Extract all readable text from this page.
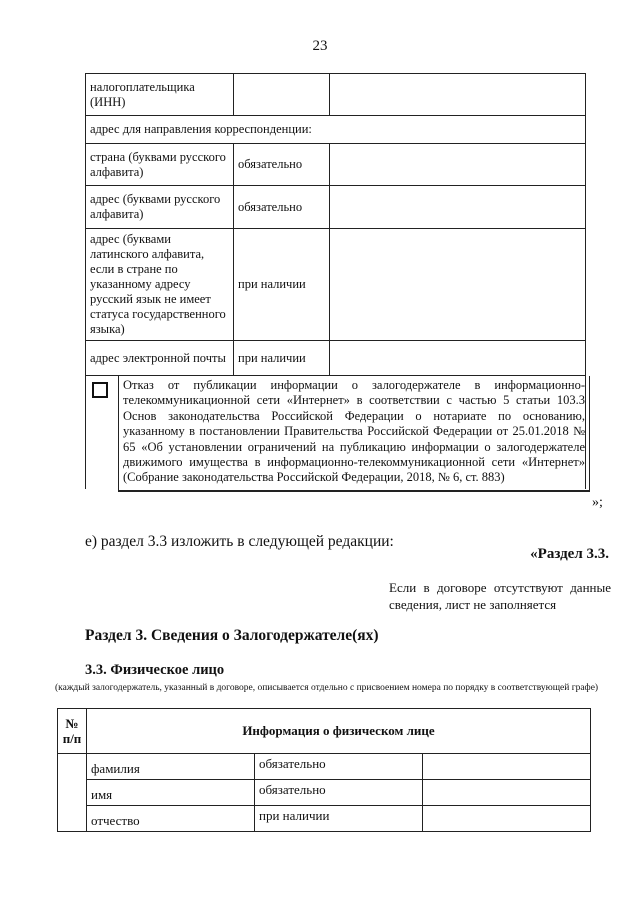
23
налогоплательщика (ИНН)		
адрес для направления корреспонденции:		
страна (буквами русского алфавита)	обязательно	
адрес (буквами русского алфавита)	обязательно	
адрес (буквами латинского алфавита, если в стране по указанному адресу русский язык не имеет статуса государственного языка)	при наличии	
адрес электронной почты	при наличии	

Отказ от публикации информации о залогодержателе в информационно-телекоммуникационной сети «Интернет» в соответствии с частью 5 статьи 103.3 Основ законодательства Российской Федерации о нотариате по основанию, указанному в постановлении Правительства Российской Федерации от 25.01.2018 № 65 «Об установлении ограничений на публикацию информации о залогодержателе движимого имущества в информационно-телекоммуникационной сети «Интернет» (Собрание законодательства Российской Федерации, 2018, № 6, ст. 883)		
»;
е) раздел 3.3 изложить в следующей редакции:
«Раздел 3.3.
Если в договоре отсутствуют данные сведения, лист не заполняется
Раздел 3. Сведения о Залогодержателе(ях)
3.3. Физическое лицо
(каждый залогодержатель, указанный в договоре, описывается отдельно с присвоением номера по порядку в соответствующей графе)
№ п/п	Информация о физическом лице		
	фамилия	обязательно	
	имя	обязательно	
	отчество	при наличии	
